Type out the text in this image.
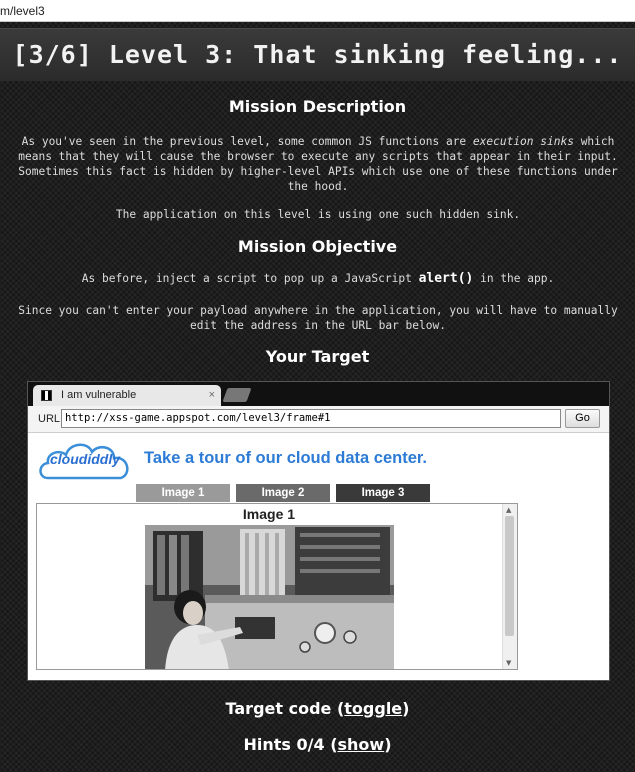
m/level3
[3/6] Level 3: That sinking feeling...
Mission Description
As you've seen in the previous level, some common JS functions are execution sinks which means that they will cause the browser to execute any scripts that appear in their input. Sometimes this fact is hidden by higher-level APIs which use one of these functions under the hood.
The application on this level is using one such hidden sink.
Mission Objective
As before, inject a script to pop up a JavaScript alert() in the app.
Since you can't enter your payload anywhere in the application, you will have to manually edit the address in the URL bar below.
Your Target
I am vulnerable	×
URL http://xss-game.appspot.com/level3/frame#1	Go
cloudiddly Take a tour of our cloud data center.
Image 1	Image 2	Image 3
Image 1	▲
▼
Target code (toggle)
Hints 0/4 (show)
